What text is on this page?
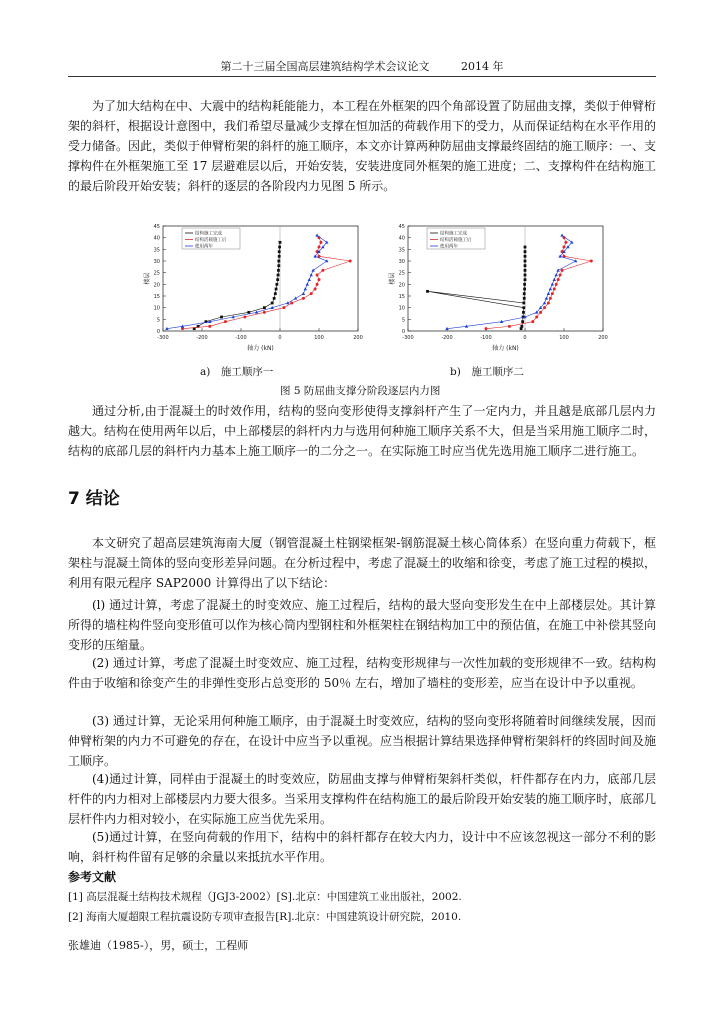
第二十三届全国高层建筑结构学术会议论文	2014 年

为了加大结构在中、大震中的结构耗能能力，本工程在外框架的四个角部设置了防屈曲支撑，类似于伸臂桁架的斜杆，根据设计意图中，我们希望尽量减少支撑在恒加活的荷载作用下的受力，从而保证结构在水平作用的受力储备。因此，类似于伸臂桁架的斜杆的施工顺序，本文亦计算两种防屈曲支撑最终固结的施工顺序：一、支撑构件在外框架施工至 17 层避难层以后，开始安装，安装进度同外框架的施工进度；二、支撑构件在结构施工的最后阶段开始安装；斜杆的逐层的各阶段内力见图 5 所示。

-300	-200	-100	0	100	200
0
5
10
15
20
25
30
35
40
45
轴力 (kN)
楼层
结构施工完成
结构活载施工后
使用两年
-300	-200	-100	0	100	200
0
5
10
15
20
25
30
35
40
45
轴力 (kN)
楼层
结构施工完成
结构活载施工后
使用两年

a)　施工顺序一	b)　施工顺序二

图 5 防屈曲支撑分阶段逐层内力图

通过分析,由于混凝土的时效作用，结构的竖向变形使得支撑斜杆产生了一定内力，并且越是底部几层内力越大。结构在使用两年以后，中上部楼层的斜杆内力与选用何种施工顺序关系不大，但是当采用施工顺序二时，结构的底部几层的斜杆内力基本上施工顺序一的二分之一。在实际施工时应当优先选用施工顺序二进行施工。

7 结论

本文研究了超高层建筑海南大厦（钢管混凝土柱钢梁框架-钢筋混凝土核心筒体系）在竖向重力荷载下，框架柱与混凝土筒体的竖向变形差异问题。在分析过程中，考虑了混凝土的收缩和徐变，考虑了施工过程的模拟，利用有限元程序 SAP2000 计算得出了以下结论：

(l) 通过计算，考虑了混凝土的时变效应、施工过程后，结构的最大竖向变形发生在中上部楼层处。其计算所得的墙柱构件竖向变形值可以作为核心筒内型钢柱和外框架柱在钢结构加工中的预估值，在施工中补偿其竖向变形的压缩量。

(2) 通过计算，考虑了混凝土时变效应、施工过程，结构变形规律与一次性加载的变形规律不一致。结构构件由于收缩和徐变产生的非弹性变形占总变形的 50％ 左右，增加了墙柱的变形差，应当在设计中予以重视。

(3) 通过计算，无论采用何种施工顺序，由于混凝土时变效应，结构的竖向变形将随着时间继续发展，因而伸臂桁架的内力不可避免的存在，在设计中应当予以重视。应当根据计算结果选择伸臂桁架斜杆的终固时间及施工顺序。

(4)通过计算，同样由于混凝土的时变效应，防屈曲支撑与伸臂桁架斜杆类似，杆件都存在内力，底部几层杆件的内力相对上部楼层内力要大很多。当采用支撑构件在结构施工的最后阶段开始安装的施工顺序时，底部几层杆件内力相对较小，在实际施工应当优先采用。

(5)通过计算，在竖向荷载的作用下，结构中的斜杆都存在较大内力，设计中不应该忽视这一部分不利的影响，斜杆构件留有足够的余量以来抵抗水平作用。

参考文献

[1] 高层混凝土结构技术规程（JGJ3-2002）[S].北京：中国建筑工业出版社，2002.

[2] 海南大厦超限工程抗震设防专项审查报告[R].北京：中国建筑设计研究院，2010.

张雄迪（1985-），男，硕士，工程师
